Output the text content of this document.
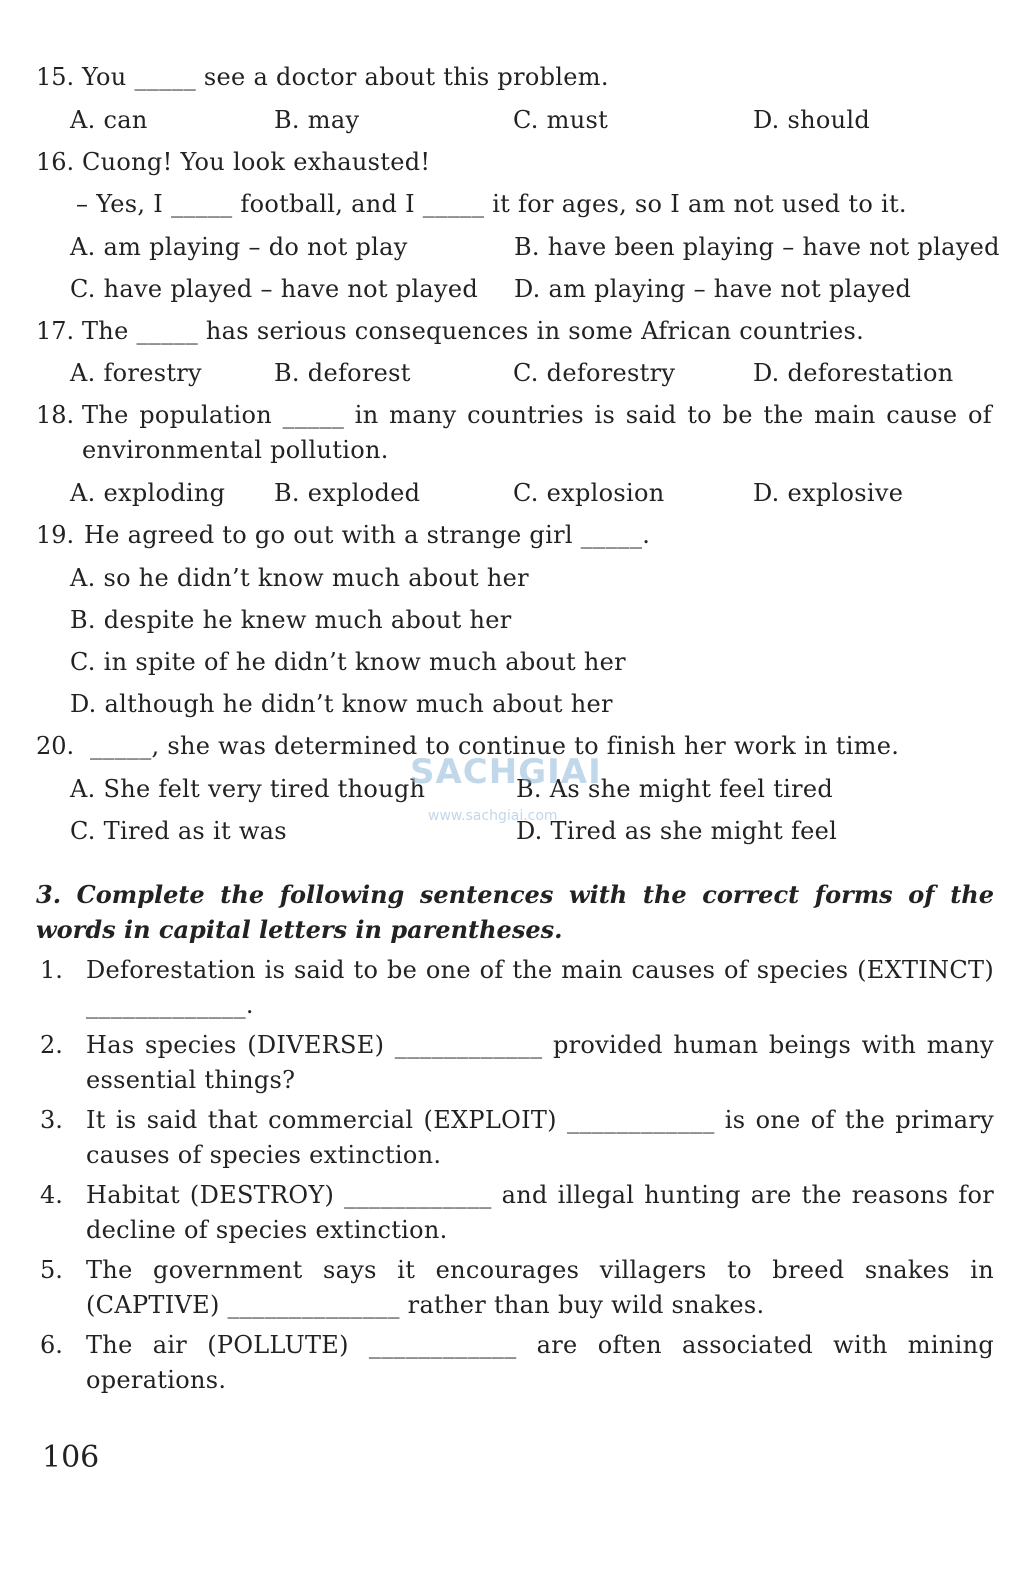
15. You _____ see a doctor about this problem.
A. can	B. may	C. must	D. should
16. Cuong! You look exhausted!
– Yes, I _____ football, and I _____ it for ages, so I am not used to it.
A. am playing – do not play	B. have been playing – have not played
C. have played – have not played D. am playing – have not played
17. The _____ has serious consequences in some African countries.
A. forestry	B. deforest	C. deforestry	D. deforestation
18. The population _____ in many countries is said to be the main cause of environmental pollution.
A. exploding B. exploded	C. explosion	D. explosive
19. He agreed to go out with a strange girl _____.
A. so he didn’t know much about her
B. despite he knew much about her
C. in spite of he didn’t know much about her
D. although he didn’t know much about her
20. _____, she was determined to continue to finish her work in time.
A. She felt very tired though	B. As she might feel tired
C. Tired as it was	D. Tired as she might feel
SACHGIAI
www.sachgiai.com
3. Complete the following sentences with the correct forms of the words in capital letters in parentheses.
1. Deforestation is said to be one of the main causes of species (EXTINCT) _____________.
2. Has species (DIVERSE) ____________ provided human beings with many essential things?
3. It is said that commercial (EXPLOIT) ____________ is one of the primary causes of species extinction.
4. Habitat (DESTROY) ____________ and illegal hunting are the reasons for decline of species extinction.
5. The government says it encourages villagers to breed snakes in (CAPTIVE) ______________ rather than buy wild snakes.
6. The air (POLLUTE) ____________ are often associated with mining operations.
106
